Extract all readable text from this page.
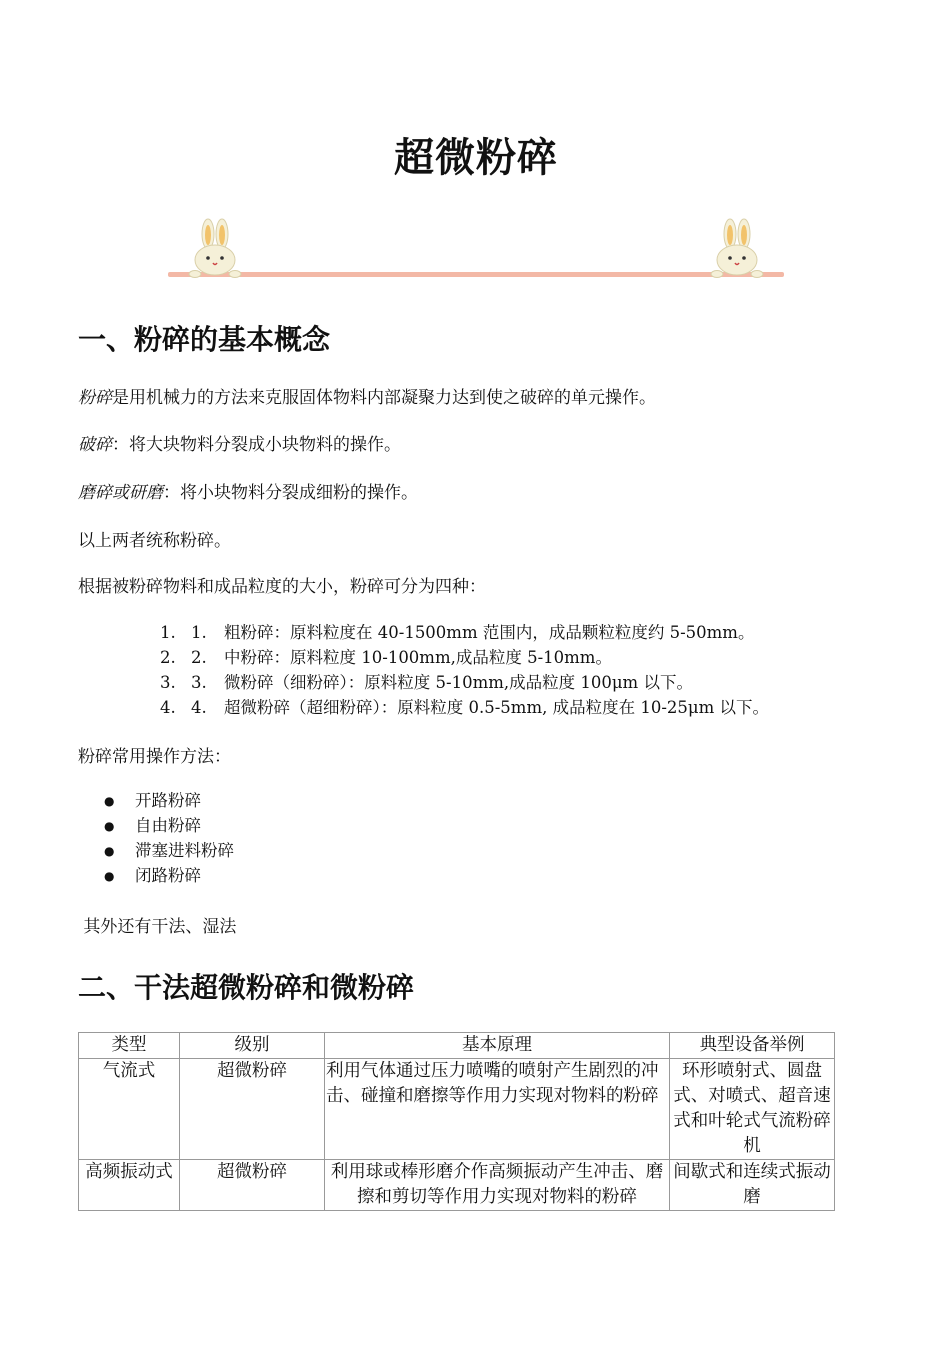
超微粉碎
一、粉碎的基本概念

粉碎是用机械力的方法来克服固体物料内部凝聚力达到使之破碎的单元操作。

破碎：将大块物料分裂成小块物料的操作。

磨碎或研磨：将小块物料分裂成细粉的操作。

以上两者统称粉碎。

根据被粉碎物料和成品粒度的大小，粉碎可分为四种：

1. 1. 粗粉碎：原料粒度在 40-1500mm 范围内，成品颗粒粒度约 5-50mm。
2. 2. 中粉碎：原料粒度 10-100mm,成品粒度 5-10mm。
3. 3. 微粉碎（细粉碎）：原料粒度 5-10mm,成品粒度 100μm 以下。
4. 4. 超微粉碎（超细粉碎）：原料粒度 0.5-5mm, 成品粒度在 10-25μm 以下。

粉碎常用操作方法：

● 开路粉碎
● 自由粉碎
● 滞塞进料粉碎
● 闭路粉碎

其外还有干法、湿法

二、干法超微粉碎和微粉碎
类型	级别	基本原理	典型设备举例
气流式	超微粉碎	利用气体通过压力喷嘴的喷射产生剧烈的冲击、碰撞和磨擦等作用力实现对物料的粉碎	环形喷射式、圆盘式、对喷式、超音速式和叶轮式气流粉碎机
高频振动式	超微粉碎	利用球或棒形磨介作高频振动产生冲击、磨擦和剪切等作用力实现对物料的粉碎	间歇式和连续式振动磨
